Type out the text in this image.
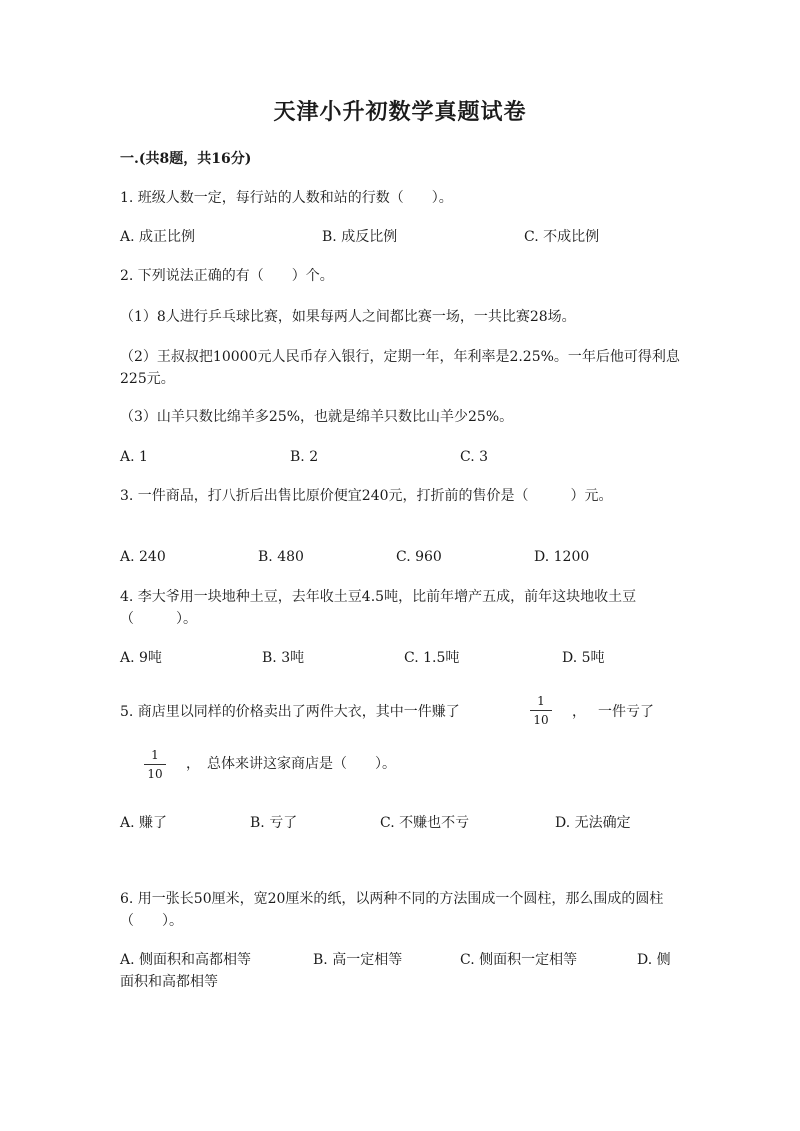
天津小升初数学真题试卷
一.(共8题，共16分)
1. 班级人数一定，每行站的人数和站的行数（　　）。
A. 成正比例	B. 成反比例	C. 不成比例
2. 下列说法正确的有（　　）个。
（1）8人进行乒乓球比赛，如果每两人之间都比赛一场，一共比赛28场。
（2）王叔叔把10000元人民币存入银行，定期一年，年利率是2.25%。一年后他可得利息225元。
（3）山羊只数比绵羊多25%，也就是绵羊只数比山羊少25%。
A. 1	B. 2	C. 3
3. 一件商品，打八折后出售比原价便宜240元，打折前的售价是（　　　）元。
A. 240	B. 480	C. 960	D. 1200
4. 李大爷用一块地种土豆，去年收土豆4.5吨，比前年增产五成，前年这块地收土豆（　　　）。
A. 9吨	B. 3吨	C. 1.5吨	D. 5吨
5. 商店里以同样的价格卖出了两件大衣，其中一件赚了
1
10 ， 一件亏了
1
10
，　总体来讲这家商店是（　　）。
A. 赚了	B. 亏了	C. 不赚也不亏	D. 无法确定
6. 用一张长50厘米，宽20厘米的纸，以两种不同的方法围成一个圆柱，那么围成的圆柱（　　）。
A. 侧面积和高都相等	B. 高一定相等	C. 侧面积一定相等	D. 侧
面积和高都相等
